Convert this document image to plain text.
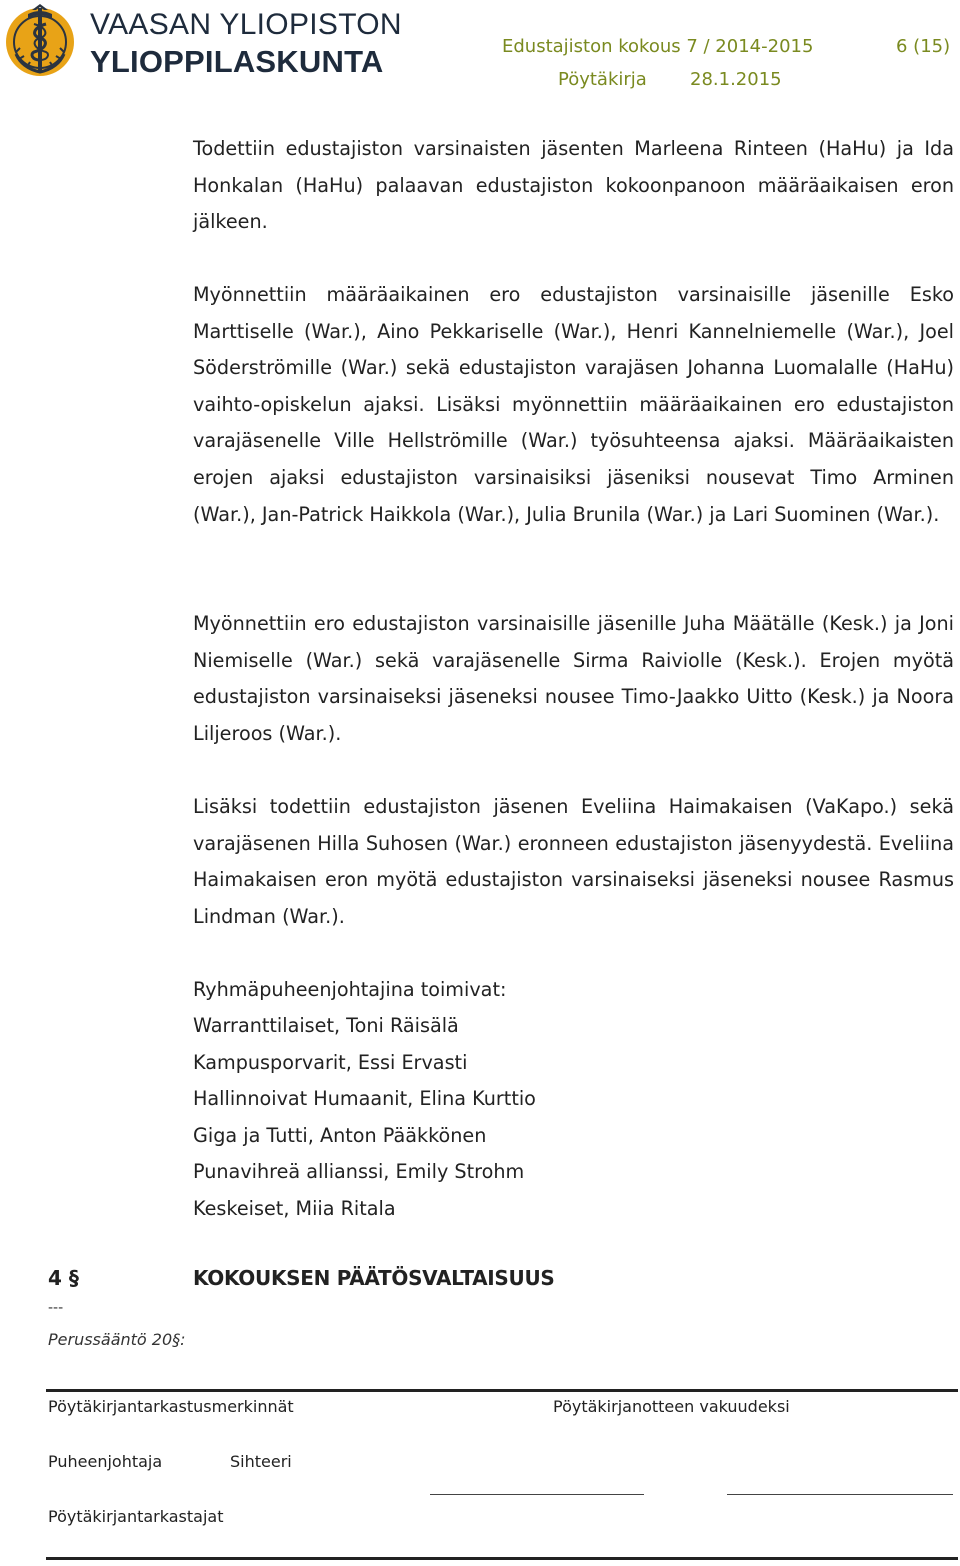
VAASAN YLIOPISTON
YLIOPPILASKUNTA	Edustajiston kokous 7 / 2014-2015	6 (15)
Pöytäkirja 28.1.2015

Todettiin edustajiston varsinaisten jäsenten Marleena Rinteen (HaHu) ja Ida Honkalan (HaHu) palaavan edustajiston kokoonpanoon määräaikaisen eron jälkeen.

Myönnettiin määräaikainen ero edustajiston varsinaisille jäsenille Esko Marttiselle (War.), Aino Pekkariselle (War.), Henri Kannelniemelle (War.), Joel Söderströmille (War.) sekä edustajiston varajäsen Johanna Luomalalle (HaHu) vaihto-opiskelun ajaksi. Lisäksi myönnettiin määräaikainen ero edustajiston varajäsenelle Ville Hellströmille (War.) työsuhteensa ajaksi. Määräaikaisten erojen ajaksi edustajiston varsinaisiksi jäseniksi nousevat Timo Arminen (War.), Jan-Patrick Haikkola (War.), Julia Brunila (War.) ja Lari Suominen (War.).

Myönnettiin ero edustajiston varsinaisille jäsenille Juha Määtälle (Kesk.) ja Joni Niemiselle (War.) sekä varajäsenelle Sirma Raiviolle (Kesk.). Erojen myötä edustajiston varsinaiseksi jäseneksi nousee Timo-Jaakko Uitto (Kesk.) ja Noora Liljeroos (War.).

Lisäksi todettiin edustajiston jäsenen Eveliina Haimakaisen (VaKapo.) sekä varajäsenen Hilla Suhosen (War.) eronneen edustajiston jäsenyydestä. Eveliina Haimakaisen eron myötä edustajiston varsinaiseksi jäseneksi nousee Rasmus Lindman (War.).

Ryhmäpuheenjohtajina toimivat:

Warranttilaiset, Toni Räisälä
Kampusporvarit, Essi Ervasti
Hallinnoivat Humaanit, Elina Kurttio
Giga ja Tutti, Anton Pääkkönen
Punavihreä allianssi, Emily Strohm
Keskeiset, Miia Ritala
4 §	KOKOUKSEN PÄÄTÖSVALTAISUUS
---
Perussääntö 20§:
Pöytäkirjantarkastusmerkinnät	Pöytäkirjanotteen vakuudeksi
Puheenjohtaja	Sihteeri
Pöytäkirjantarkastajat
